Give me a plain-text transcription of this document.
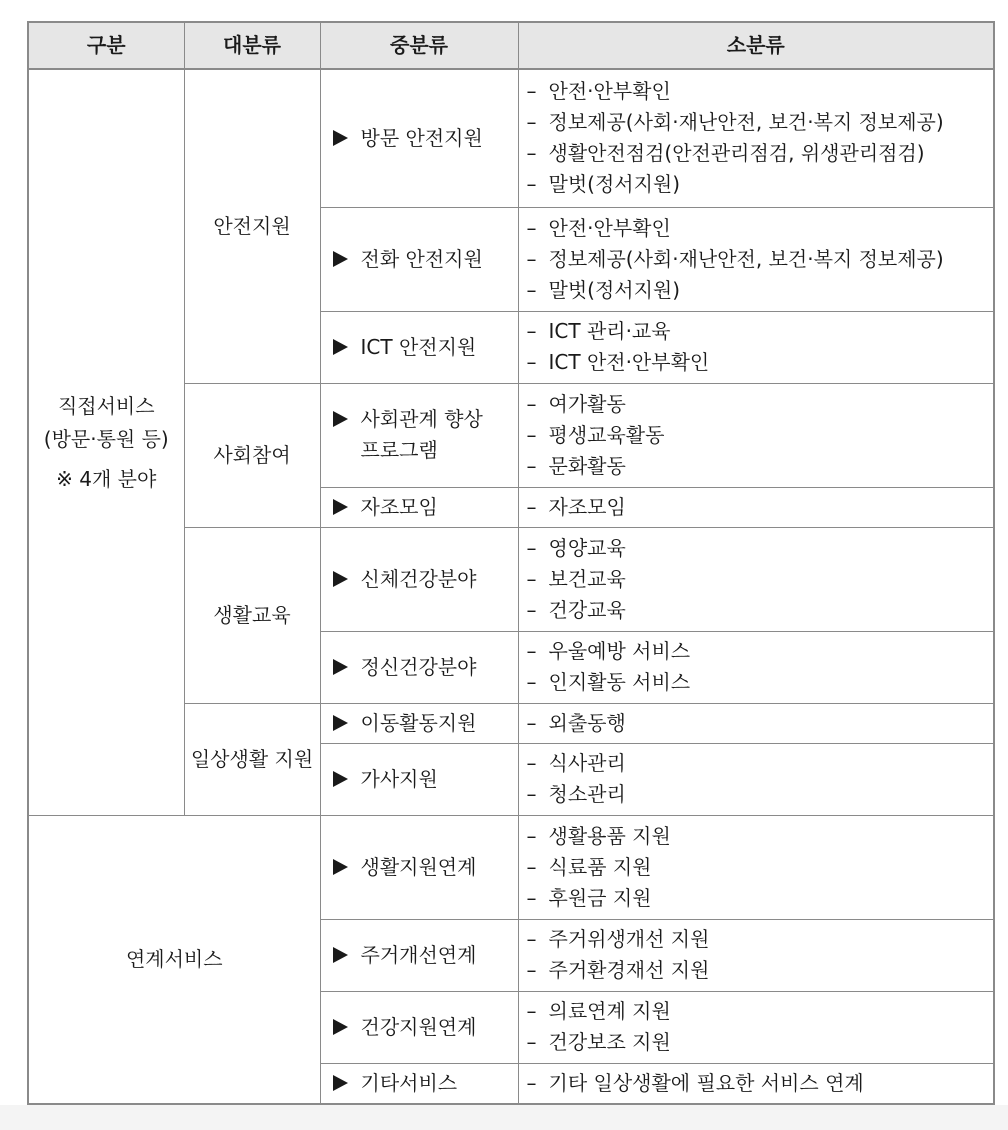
구분	대분류	중분류	소분류

직접서비스
(방문·통원 등)
※ 4개 분야	안전지원	방문 안전지원	– 안전·안부확인
– 정보제공(사회·재난안전, 보건·복지 정보제공)
– 생활안전점검(안전관리점검, 위생관리점검)
– 말벗(정서지원)

		전화 안전지원	– 안전·안부확인
– 정보제공(사회·재난안전, 보건·복지 정보제공)
– 말벗(정서지원)

		ICT 안전지원	– ICT 관리·교육
– ICT 안전·안부확인

	사회참여	사회관계 향상
프로그램	– 여가활동
– 평생교육활동
– 문화활동

		자조모임	– 자조모임

	생활교육	신체건강분야	– 영양교육
– 보건교육
– 건강교육

		정신건강분야	– 우울예방 서비스
– 인지활동 서비스

	일상생활 지원	이동활동지원	– 외출동행

		가사지원	– 식사관리
– 청소관리

연계서비스		생활지원연계	– 생활용품 지원
– 식료품 지원
– 후원금 지원

		주거개선연계	– 주거위생개선 지원
– 주거환경재선 지원

		건강지원연계	– 의료연계 지원
– 건강보조 지원

		기타서비스	– 기타 일상생활에 필요한 서비스 연계
